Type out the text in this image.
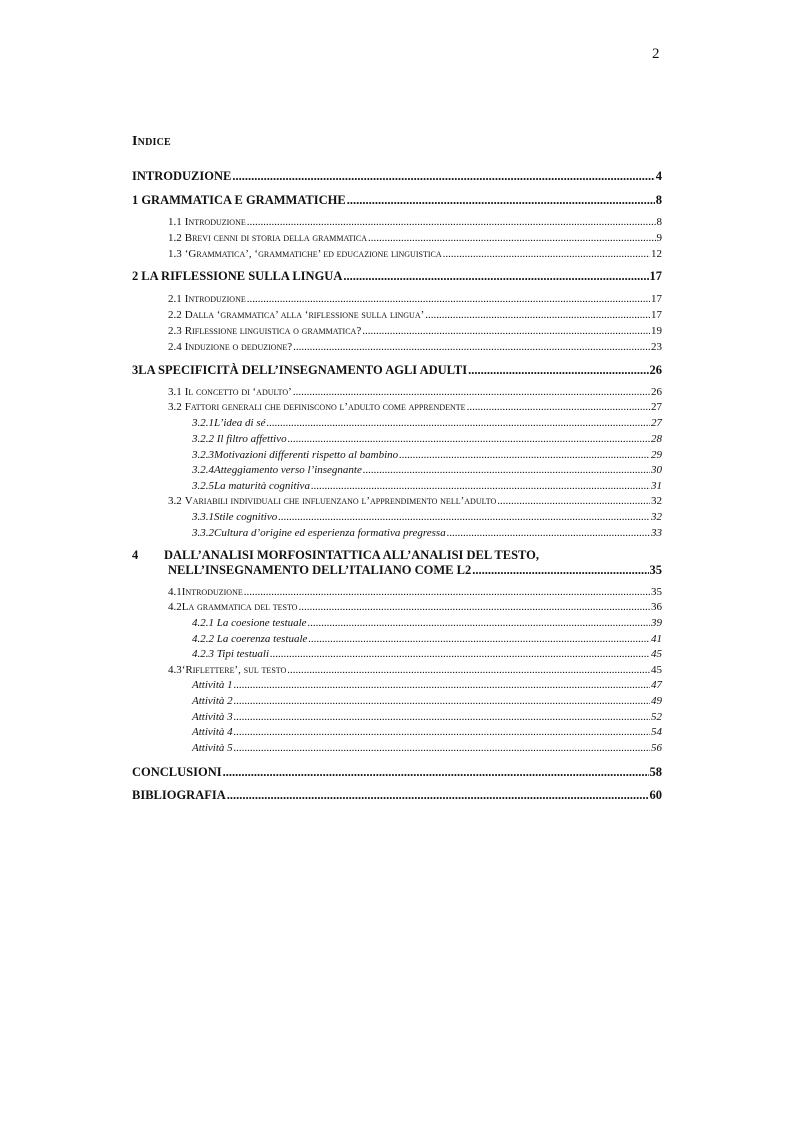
2
Indice
INTRODUZIONE .....	4
1 GRAMMATICA E GRAMMATICHE .....	8
1.1 Introduzione .....	8
1.2 Brevi cenni di storia della grammatica .....	9
1.3 ‘Grammatica’, ‘grammatiche’ ed educazione linguistica .....	12
2 LA RIFLESSIONE SULLA LINGUA .....	17
2.1 Introduzione .....	17
2.2 Dalla ‘grammatica’ alla ‘riflessione sulla lingua’ .....	17
2.3 Riflessione linguistica o grammatica? .....	19
2.4 Induzione o deduzione? .....	23
3 LA SPECIFICITÀ DELL’INSEGNAMENTO AGLI ADULTI .....	26
3.1 Il concetto di ‘adulto’ .....	26
3.2 Fattori generali che definiscono l’adulto come apprendente .....	27
3.2.1L’idea di sé .....	27
3.2.2 Il filtro affettivo .....	28
3.2.3Motivazioni differenti rispetto al bambino .....	29
3.2.4Atteggiamento verso l’insegnante .....	30
3.2.5La maturità cognitiva .....	31
3.2 Variabili individuali che influenzano l’apprendimento nell’adulto .....	32
3.3.1Stile cognitivo .....	32
3.3.2Cultura d’origine ed esperienza formativa pregressa .....	33
4	DALL’ANALISI MORFOSINTATTICA ALL’ANALISI DEL TESTO,
NELL’INSEGNAMENTO DELL’ITALIANO COME L2 .....	35
4.1 Introduzione .....	35
4.2 La grammatica del testo .....	36
4.2.1 La coesione testuale .....	39
4.2.2 La coerenza testuale .....	41
4.2.3 Tipi testuali .....	45
4.3 ‘Riflettere’, sul testo .....	45
Attività 1 .....	47
Attività 2 .....	49
Attività 3 .....	52
Attività 4 .....	54
Attività 5 .....	56
CONCLUSIONI .....	58
BIBLIOGRAFIA .....	60
